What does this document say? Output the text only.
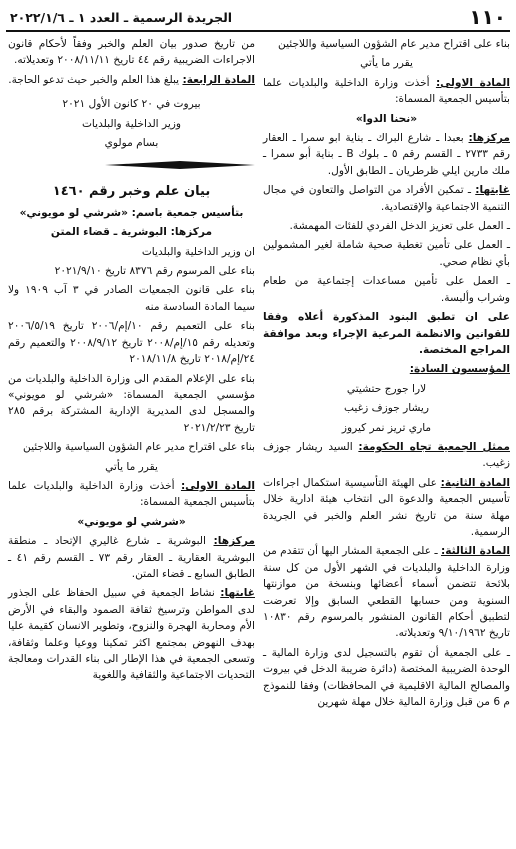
١١٠
الجريدة الرسمية ـ العدد ١ ـ ٢٠٢٢/١/٦

بناء على اقتراح مدير عام الشؤون السياسية واللاجئين

يقرر ما يأتي

المادة الاولى: أخذت وزارة الداخلية والبلديات علما بتأسيس الجمعية المسماة:

«نحنا الدوا»

مركزها: بعبدا ـ شارع البراك ـ بناية ابو سمرا ـ العقار رقم ٢٧٣٣ ـ القسم رقم ٥ ـ بلوك B ـ بناية أبو سمرا ـ ملك مارين ايلي ظرطريان ـ الطابق الأول.

غايتها: ـ تمكين الأفراد من التواصل والتعاون في مجال التنمية الاجتماعية والإقتصادية.

ـ العمل على تعزيز الدخل الفردي للفئات المهمشة.

ـ العمل على تأمين تغطية صحية شاملة لغير المشمولين بأي نظام صحي.

ـ العمل على تأمين مساعدات إجتماعية من طعام وشراب وألبسة.

على ان تطبق البنود المذكورة أعلاه وفقا للقوانين والانظمة المرعية الإجراء وبعد موافقة المراجع المختصة.

المؤسسون السادة:

لارا جورج حتشيتي

ريشار جوزف زغيب

ماري تريز نمر كيروز

ممثل الجمعية تجاه الحكومة: السيد ريشار جوزف زغيب.

المادة الثانية: على الهيئة التأسيسية استكمال اجراءات تأسيس الجمعية والدعوة الى انتخاب هيئة ادارية خلال مهلة سنة من تاريخ نشر العلم والخبر في الجريدة الرسمية.

المادة الثالثة: ـ على الجمعية المشار اليها أن تتقدم من وزارة الداخلية والبلديات في الشهر الأول من كل سنة بلائحة تتضمن أسماء أعضائها وبنسخة من موازنتها السنوية ومن حسابها القطعي السابق وإلا تعرضت لتطبيق أحكام القانون المنشور بالمرسوم رقم ١٠٨٣٠ تاريخ ٩/١٠/١٩٦٢ وتعديلاته.

ـ على الجمعية أن تقوم بالتسجيل لدى وزارة المالية ـ الوحدة الضريبية المختصة (دائرة ضريبة الدخل في بيروت والمصالح المالية الاقليمية في المحافظات) وفقا للنموذج م 6 من قبل وزارة المالية خلال مهلة شهرين

من تاريخ صدور بيان العلم والخبر وفقاً لأحكام قانون الاجراءات الضريبية رقم ٤٤ تاريخ ٢٠٠٨/١١/١١ وتعديلاته.

المادة الرابعة: يبلغ هذا العلم والخبر حيث تدعو الحاجة.

بيروت في ٢٠ كانون الأول ٢٠٢١

وزير الداخلية والبلديات

بسام مولوي

بيان علم وخبر رقم ١٤٦٠

بتأسيس جمعية باسم: «شرشي لو مويوني»

مركزها: البوشرية ـ قضاء المتن

ان وزير الداخلية والبلديات

بناء على المرسوم رقم ٨٣٧٦ تاريخ ٢٠٢١/٩/١٠

بناء على قانون الجمعيات الصادر في ٣ آب ١٩٠٩ ولا سيما المادة السادسة منه

بناء على التعميم رقم ١٠/إم/٢٠٠٦ تاريخ ٢٠٠٦/٥/١٩ وتعديله رقم ١٥/إم/٢٠٠٨ تاريخ ٢٠٠٨/٩/١٢ والتعميم رقم ٢٤/إم/٢٠١٨ تاريخ ٢٠١٨/١١/٨

بناء على الإعلام المقدم الى وزارة الداخلية والبلديات من مؤسسي الجمعية المسماة: «شرشي لو مويوني» والمسجل لدى المديرية الإدارية المشتركة برقم ٢٨٥ تاريخ ٢٠٢١/٢/٢٣

بناء على اقتراح مدير عام الشؤون السياسية واللاجئين

يقرر ما يأتي

المادة الاولى: أخذت وزارة الداخلية والبلديات علما بتأسيس الجمعية المسماة:

«شرشي لو مويوني»

مركزها: البوشرية ـ شارع غاليري الإتحاد ـ منطقة البوشرية العقارية ـ العقار رقم ٧٣ ـ القسم رقم ٤١ ـ الطابق السابع ـ قضاء المتن.

غايتها: نشاط الجمعية في سبيل الحفاظ على الجذور لدى المواطن وترسيخ ثقافة الصمود والبقاء في الأرض الأم ومحاربة الهجرة والنزوح، وتطوير الانسان كقيمة عليا بهدف النهوض بمجتمع اكثر تمكينا ووعيا وعلما وثقافة، وتسعى الجمعية في هذا الإطار الى بناء القدرات ومعالجة التحديات الاجتماعية والثقافية واللغوية
